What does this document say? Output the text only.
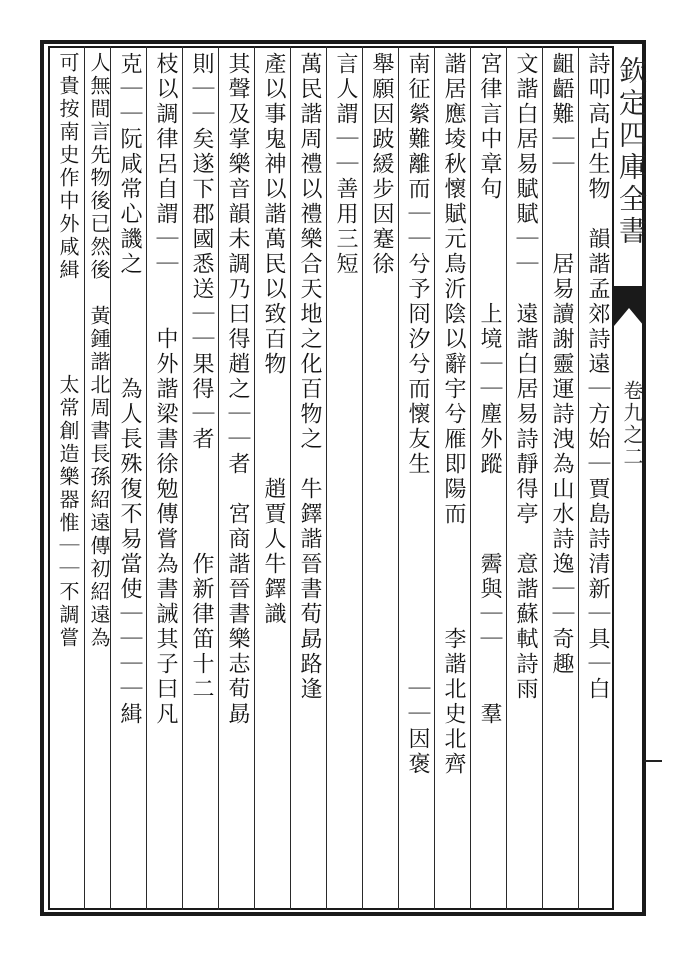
詩叩高占生物　韻諧孟郊詩遠｜方始｜賈島詩清新｜具｜白
齟齬難｜｜　　　居易讀謝靈運詩洩為山水詩逸｜｜奇趣
文諧白居易賦賦｜｜　遠諧白居易詩靜得亭　意諧蘇軾詩雨
宮律言中章句　　　　上境｜｜塵外蹤　　　霽與｜｜　　羣
諧居應堎秋懷賦元鳥沂陰以辭宇兮雁即陽而　　　　李諧北史北齊
南征縈難離而｜｜兮予冏汐兮而懷友生　　　　　　　　｜｜因褒
舉願因跛緩步因蹇徐
言人謂｜｜善用三短
萬民諧周禮以禮樂合天地之化百物之　牛鐸諧晉書荀勗路逢
產以事鬼神以諧萬民以致百物　　　　趙賈人牛鐸識
其聲及掌樂音韻未調乃曰得趙之｜｜者　宮商諧晉書樂志荀勗
則｜｜矣遂下郡國悉送｜｜果得｜者　　　　作新律笛十二
枝以調律呂自謂｜｜　　中外諧梁書徐勉傳嘗為書誡其子曰凡
克｜｜阮咸常心譏之　　　　為人長殊復不易當使｜｜｜｜緝
人無間言先物後已然後　黃鍾諧北周書長孫紹遠傳初紹遠為
可貴按南史作中外咸緝　　　　太常創造樂器惟｜｜不調嘗	欽定四庫全書
卷九之二
